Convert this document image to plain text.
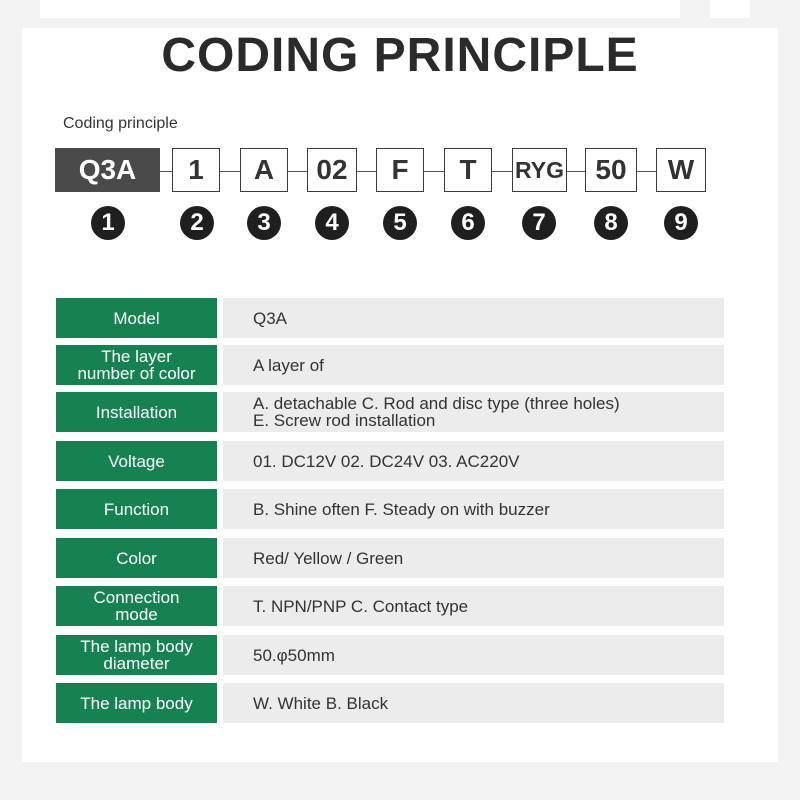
CODING PRINCIPLE
Coding principle
Q3A	1	A	02	F	T	RYG	50	W
1	2	3	4	5	6	7	8	9
Model	Q3A
The layer
number of color	A layer of
Installation	A. detachable C. Rod and disc type (three holes)
E. Screw rod installation
Voltage	01. DC12V 02. DC24V 03. AC220V
Function	B. Shine often F. Steady on with buzzer
Color	Red/ Yellow / Green
Connection
mode	T. NPN/PNP C. Contact type
The lamp body
diameter	50.φ50mm
The lamp body	W. White B. Black
